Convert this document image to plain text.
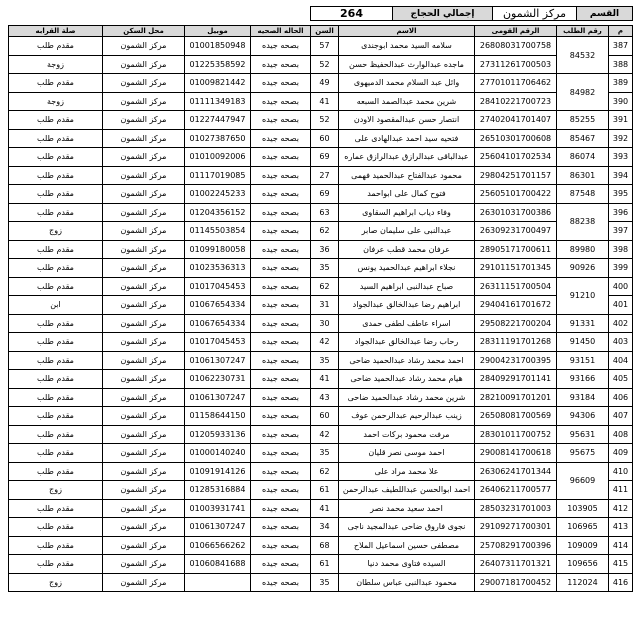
القسم	مركز الشمون	إجمالي الحجاج	264
م	رقم الطلب	الرقم القومى	الاسم	السن	الحاله الصحيه	موبيل	محل السكن	صلة القرابه
387	84532	26808031700758	سلامه السيد محمد ابوجندى	57	بصحه جيده	01001850948	مركز الشمون	مقدم طلب
388		27311261700503	ماجده عبدالوارث عبدالحفيظ حسن	52	بصحه جيده	01225358592	مركز الشمون	زوجة
389	84982	27701011706462	وائل عبد السلام محمد الدميهوى	49	بصحه جيده	01009821442	مركز الشمون	مقدم طلب
390		28410221700723	شرين محمد عبدالصمد السبعه	41	بصحه جيده	01111349183	مركز الشمون	زوجة
391	85255	27402041701407	انتصار حسن عبدالمقصود الاودن	52	بصحه جيده	01227447947	مركز الشمون	مقدم طلب
392	85467	26510301700608	فتحيه سيد احمد عبدالهادى على	60	بصحه جيده	01027387650	مركز الشمون	مقدم طلب
393	86074	25604101702534	عبدالباقى عبدالرازق عبدالرازق عماره	69	بصحه جيده	01010092006	مركز الشمون	مقدم طلب
394	86301	29804251701157	محمود عبدالفتاح عبدالحميد فهمى	27	بصحه جيده	01117019085	مركز الشمون	مقدم طلب
395	87548	25605101700422	فتوح كمال على ابواحمد	69	بصحه جيده	01002245233	مركز الشمون	مقدم طلب
396	88238	26301031700386	وفاء دياب ابراهيم السقاوى	63	بصحه جيده	01204356152	مركز الشمون	مقدم طلب
397		26309231700497	عبدالنبى على سليمان صابر	62	بصحه جيده	01145503854	مركز الشمون	زوج
398	89980	28905171700611	عرفان محمد قطب عرفان	36	بصحه جيده	01099180058	مركز الشمون	مقدم طلب
399	90926	29101151701345	نجلاء ابراهيم عبدالحميد يونس	35	بصحه جيده	01023536313	مركز الشمون	مقدم طلب
400	91210	26311151700504	صباح عبدالنبى ابراهيم السيد	62	بصحه جيده	01017045453	مركز الشمون	مقدم طلب
401		29404161701672	ابراهيم رضا عبدالخالق عبدالجواد	31	بصحه جيده	01067654334	مركز الشمون	ابن
402	91331	29508221700204	اسراء عاطف لطفى حمدى	30	بصحه جيده	01067654334	مركز الشمون	مقدم طلب
403	91450	28311191701268	رحاب رضا عبدالخالق عبدالجواد	42	بصحه جيده	01017045453	مركز الشمون	مقدم طلب
404	93151	29004231700395	احمد محمد رشاد عبدالحميد ضاحى	35	بصحه جيده	01061307247	مركز الشمون	مقدم طلب
405	93166	28409291701141	هيام محمد رشاد عبدالحميد ضاحى	41	بصحه جيده	01062230731	مركز الشمون	مقدم طلب
406	93184	28210091701201	شرين محمد رشاد عبدالحميد ضاحى	43	بصحه جيده	01061307247	مركز الشمون	مقدم طلب
407	94306	26508081700569	زينب عبدالرحيم عبدالرحمن عوف	60	بصحه جيده	01158644150	مركز الشمون	مقدم طلب
408	95631	28301011700752	مرفت محمود بركات احمد	42	بصحه جيده	01205933136	مركز الشمون	مقدم طلب
409	95675	29008141700618	احمد موسى نصر قليان	35	بصحه جيده	01000140240	مركز الشمون	مقدم طلب
410	96609	26306241701344	علا محمد مراد على	62	بصحه جيده	01091914126	مركز الشمون	مقدم طلب
411		26406211700577	احمد ابوالحسن عبداللطيف عبدالرحمن	61	بصحه جيده	01285316884	مركز الشمون	زوج
412	103905	28503231701003	احمد سعيد محمد نصر	41	بصحه جيده	01003931741	مركز الشمون	مقدم طلب
413	106965	29109271700301	نجوى فاروق ضاحى عبدالمجيد ناجى	34	بصحه جيده	01061307247	مركز الشمون	مقدم طلب
414	109009	25708291700396	مصطفى حسين اسماعيل الملاح	68	بصحه جيده	01066566262	مركز الشمون	مقدم طلب
415	109656	26407311701321	السيده فتاوى محمد دنيا	61	بصحه جيده	01060841688	مركز الشمون	مقدم طلب
416	112024	29007181700452	محمود عبدالنبى عباس سلطان	35	بصحه جيده		مركز الشمون	زوج
